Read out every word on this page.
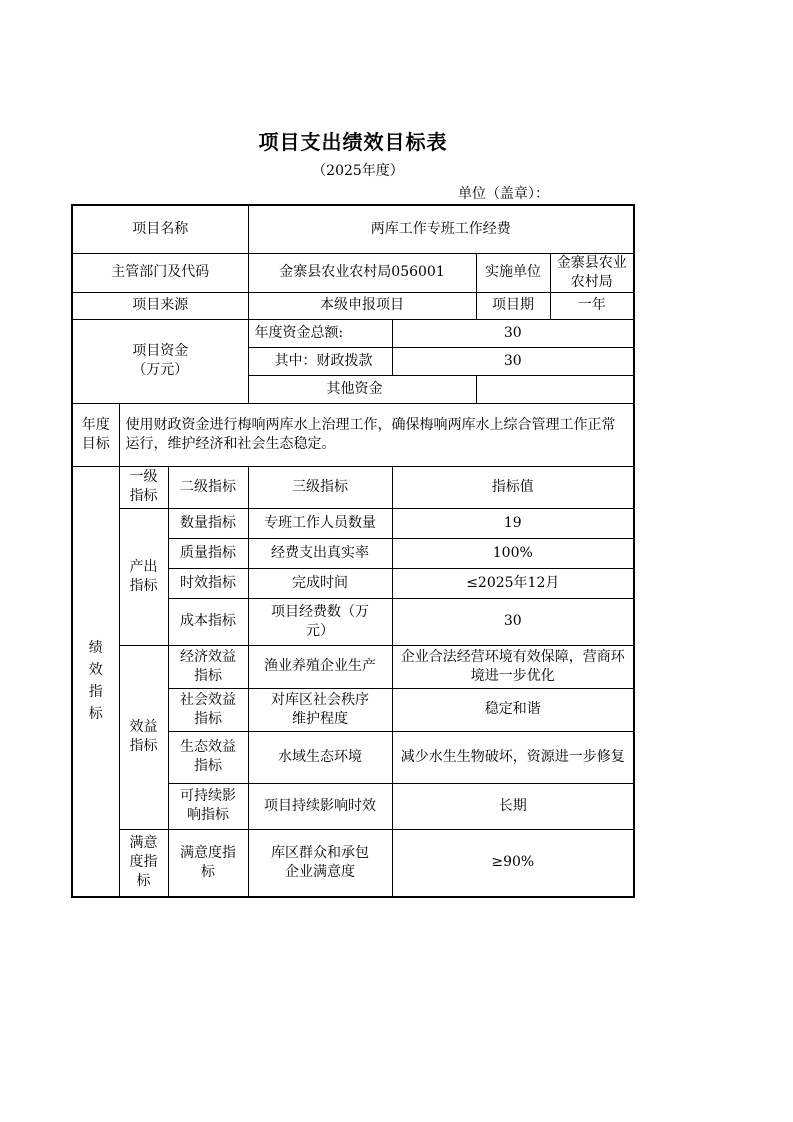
项目支出绩效目标表
（2025年度）
单位（盖章）：
项目名称			两库工作专班工作经费			
主管部门及代码			金寨县农业农村局056001		实施单位	金寨县农业农村局
项目来源			本级申报项目		项目期	一年
项目资金（万元）			年度资金总额:	30		
			其中：财政拨款	30		
			其他资金			
年度目标	使用财政资金进行梅响两库水上治理工作，确保梅响两库水上综合管理工作正常运行，维护经济和社会生态稳定。					
绩效指标	一级指标	二级指标	三级指标	指标值		
	产出指标	数量指标	专班工作人员数量	19		
		质量指标	经费支出真实率	100%		
		时效指标	完成时间	≤2025年12月		
		成本指标	项目经费数（万元）	30		
	效益指标	经济效益指标	渔业养殖企业生产	企业合法经营环境有效保障，营商环境进一步优化		
		社会效益指标	对库区社会秩序维护程度	稳定和谐		
		生态效益指标	水域生态环境	减少水生生物破坏，资源进一步修复		
		可持续影响指标	项目持续影响时效	长期		
	满意度指标	满意度指标	库区群众和承包企业满意度	≥90%		
